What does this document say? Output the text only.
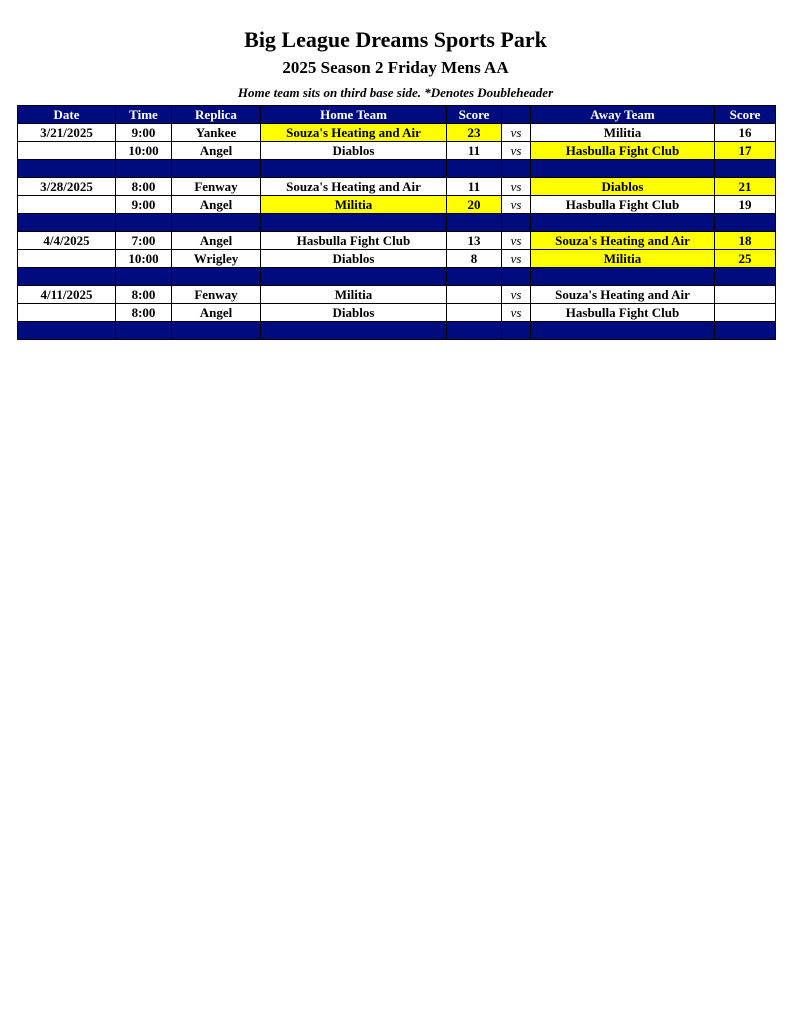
Big League Dreams Sports Park
2025 Season 2 Friday Mens AA
Home team sits on third base side. *Denotes Doubleheader
Date	Time	Replica	Home Team	Score		Away Team	Score
3/21/2025	9:00	Yankee	Souza's Heating and Air	23	vs	Militia	16
	10:00	Angel	Diablos	11	vs	Hasbulla Fight Club	17

3/28/2025	8:00	Fenway	Souza's Heating and Air	11	vs	Diablos	21
	9:00	Angel	Militia	20	vs	Hasbulla Fight Club	19

4/4/2025	7:00	Angel	Hasbulla Fight Club	13	vs	Souza's Heating and Air	18
	10:00	Wrigley	Diablos	8	vs	Militia	25

4/11/2025	8:00	Fenway	Militia		vs	Souza's Heating and Air	
	8:00	Angel	Diablos		vs	Hasbulla Fight Club	
